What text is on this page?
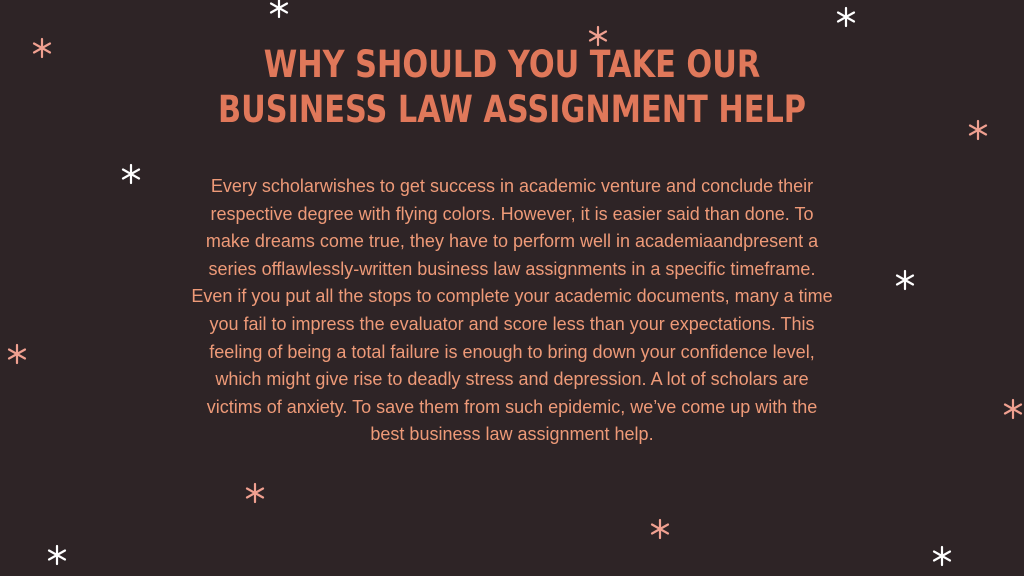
WHY SHOULD YOU TAKE OUR BUSINESS LAW ASSIGNMENT HELP

Every scholarwishes to get success in academic venture and conclude their respective degree with flying colors. However, it is easier said than done. To make dreams come true, they have to perform well in academiaandpresent a series offlawlessly-written business law assignments in a specific timeframe. Even if you put all the stops to complete your academic documents, many a time you fail to impress the evaluator and score less than your expectations. This feeling of being a total failure is enough to bring down your confidence level, which might give rise to deadly stress and depression. A lot of scholars are victims of anxiety. To save them from such epidemic, we’ve come up with the best business law assignment help.
